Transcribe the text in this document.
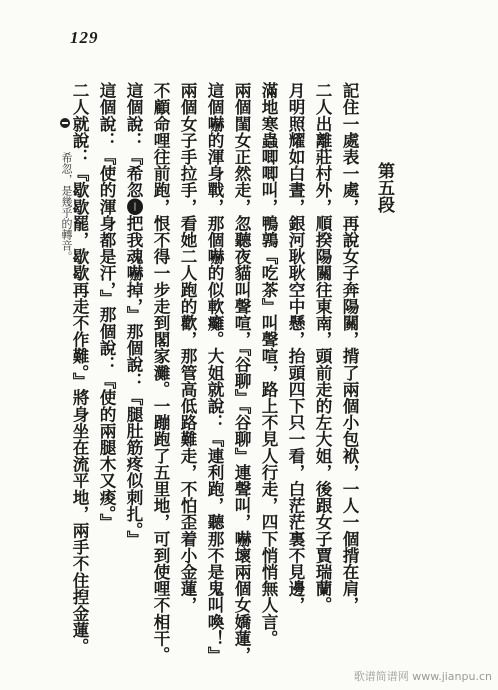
129
第五段
記住一處表一處，再說女子奔陽關，揹了兩個小包袱，一人一個揹在肩，
二人出離莊村外，順揆陽關往東南，頭前走的左大姐，後跟女子賈瑞蘭。
月明照耀如白晝，銀河耿耿空中懸，抬頭四下只一看，白茫茫裏不見邊，
滿地寒蟲唧唧叫，鴨鶉『吃茶』叫聲喧，路上不見人行走，四下悄悄無人言。
兩個閨女正然走，忽聽夜貓叫聲喧，『谷聊』『谷聊』連聲叫，嚇壞兩個女嬌蓮，
這個嚇的渾身戰，那個嚇的似軟癱。大姐就說：『連利跑，聽那不是鬼叫喚！』
兩個女子手拉手，看她二人跑的歡，那管高低路難走，不怕歪着小金蓮，
不顧命哩往前跑，恨不得一步走到閣家灘。一蹦跑了五里地，可到使哩不相干。
這個說：『希忽❶把我魂嚇掉，』那個說：『腿肚筋疼似刺扎。』
這個說：『使的渾身都是汗，』那個說：『使的兩腿木又痠。』
二人就說：『歇歇罷，歇歇再走不作難。』將身坐在流平地，兩手不住揑金蓮。
希忽，是幾乎的轉音。
歌谱简谱网 www.jianpu.cn
